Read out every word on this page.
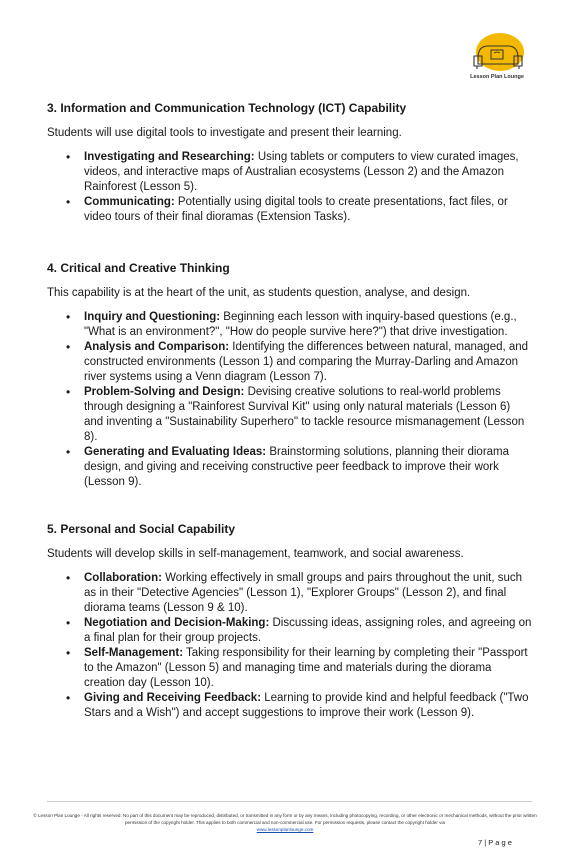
Lesson Plan Lounge
3. Information and Communication Technology (ICT) Capability

Students will use digital tools to investigate and present their learning.

• Investigating and Researching: Using tablets or computers to view curated images, videos, and interactive maps of Australian ecosystems (Lesson 2) and the Amazon Rainforest (Lesson 5).
• Communicating: Potentially using digital tools to create presentations, fact files, or video tours of their final dioramas (Extension Tasks).
4. Critical and Creative Thinking

This capability is at the heart of the unit, as students question, analyse, and design.

• Inquiry and Questioning: Beginning each lesson with inquiry-based questions (e.g., "What is an environment?", "How do people survive here?") that drive investigation.
• Analysis and Comparison: Identifying the differences between natural, managed, and constructed environments (Lesson 1) and comparing the Murray-Darling and Amazon river systems using a Venn diagram (Lesson 7).
• Problem-Solving and Design: Devising creative solutions to real-world problems through designing a "Rainforest Survival Kit" using only natural materials (Lesson 6) and inventing a "Sustainability Superhero" to tackle resource mismanagement (Lesson 8).
• Generating and Evaluating Ideas: Brainstorming solutions, planning their diorama design, and giving and receiving constructive peer feedback to improve their work (Lesson 9).
5. Personal and Social Capability

Students will develop skills in self-management, teamwork, and social awareness.

• Collaboration: Working effectively in small groups and pairs throughout the unit, such as in their "Detective Agencies" (Lesson 1), "Explorer Groups" (Lesson 2), and final diorama teams (Lesson 9 & 10).
• Negotiation and Decision-Making: Discussing ideas, assigning roles, and agreeing on a final plan for their group projects.
• Self-Management: Taking responsibility for their learning by completing their "Passport to the Amazon" (Lesson 5) and managing time and materials during the diorama creation day (Lesson 10).
• Giving and Receiving Feedback: Learning to provide kind and helpful feedback ("Two Stars and a Wish") and accept suggestions to improve their work (Lesson 9).
© Lesson Plan Lounge - All rights reserved. No part of this document may be reproduced, distributed, or transmitted in any form or by any means, including photocopying, recording, or other electronic or mechanical methods, without the prior written permission of the copyright holder. This applies to both commercial and non-commercial use. For permission requests, please contact the copyright holder via
www.lessonplanlounge.com
7 | P a g e
